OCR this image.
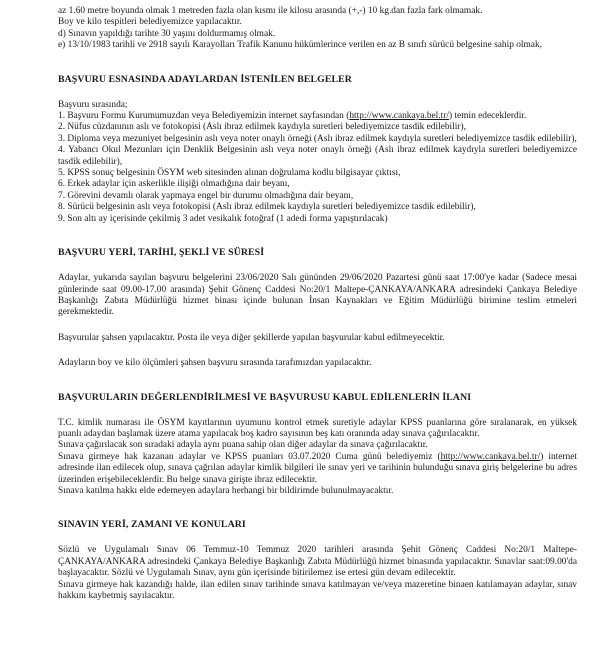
az 1.60 metre boyunda olmak 1 metreden fazla olan kısmı ile kilosu arasında (+,-) 10 kg.dan fazla fark olmamak.

Boy ve kilo tespitleri belediyemizce yapılacaktır.

d) Sınavın yapıldığı tarihte 30 yaşını doldurmamış olmak.

e) 13/10/1983 tarihli ve 2918 sayılı Karayolları Trafik Kanunu hükümlerince verilen en az B sınıfı sürücü belgesine sahip olmak,

BAŞVURU ESNASINDA ADAYLARDAN İSTENİLEN BELGELER

Başvuru sırasında;

1. Başvuru Formu Kurumumuzdan veya Belediyemizin internet sayfasından (http://www.cankaya.bel.tr/) temin edeceklerdir.
2. Nüfus cüzdanının aslı ve fotokopisi (Aslı ibraz edilmek kaydıyla suretleri belediyemizce tasdik edilebilir),
3. Diploma veya mezuniyet belgesinin aslı veya noter onaylı örneği (Aslı ibraz edilmek kaydıyla suretleri belediyemizce tasdik edilebilir),
4. Yabancı Okul Mezunları için Denklik Belgesinin aslı veya noter onaylı örneği (Aslı ibraz edilmek kaydıyla suretleri belediyemizce tasdik edilebilir),
5. KPSS sonuç belgesinin ÖSYM web sitesinden alınan doğrulama kodlu bilgisayar çıktısı,
6. Erkek adaylar için askerlikle ilişiği olmadığına dair beyanı,
7. Görevini devamlı olarak yapmaya engel bir durumu olmadığına dair beyanı,
8. Sürücü belgesinin aslı veya fotokopisi (Aslı ibraz edilmek kaydıyla suretleri belediyemizce tasdik edilebilir),
9. Son altı ay içerisinde çekilmiş 3 adet vesikalık fotoğraf (1 adedi forma yapıştırılacak)
BAŞVURU YERİ, TARİHİ, ŞEKLİ VE SÜRESİ

Adaylar, yukarıda sayılan başvuru belgelerini 23/06/2020 Salı gününden 29/06/2020 Pazartesi günü saat 17:00'ye kadar (Sadece mesai günlerinde saat 09.00-17.00 arasında) Şehit Gönenç Caddesi No:20/1 Maltepe-ÇANKAYA/ANKARA adresindeki Çankaya Belediye Başkanlığı Zabıta Müdürlüğü hizmet binası içinde bulunan İnsan Kaynakları ve Eğitim Müdürlüğü birimine teslim etmeleri gerekmektedir.

Başvurular şahsen yapılacaktır. Posta ile veya diğer şekillerde yapılan başvurular kabul edilmeyecektir.

Adayların boy ve kilo ölçümleri şahsen başvuru sırasında tarafımızdan yapılacaktır.

BAŞVURULARIN DEĞERLENDİRİLMESİ VE BAŞVURUSU KABUL EDİLENLERİN İLANI

T.C. kimlik numarası ile ÖSYM kayıtlarının uyumunu kontrol etmek suretiyle adaylar KPSS puanlarına göre sıralanarak, en yüksek puanlı adaydan başlamak üzere atama yapılacak boş kadro sayısının beş katı oranında aday sınava çağırılacaktır.

Sınava çağırılacak son sıradaki adayla aynı puana sahip olan diğer adaylar da sınava çağırılacaktır.

Sınava girmeye hak kazanan adaylar ve KPSS puanları 03.07.2020 Cuma günü belediyemiz (http://www.cankaya.bel.tr/) internet adresinde ilan edilecek olup, sınava çağrılan adaylar kimlik bilgileri ile sınav yeri ve tarihinin bulunduğu sınava giriş belgelerine bu adres üzerinden erişebileceklerdir. Bu belge sınava girişte ibraz edilecektir.

Sınava katılma hakkı elde edemeyen adaylara herhangi bir bildirimde bulunulmayacaktır.

SINAVIN YERİ, ZAMANI VE KONULARI

Sözlü ve Uygulamalı Sınav 06 Temmuz-10 Temmuz 2020 tarihleri arasında Şehit Gönenç Caddesi No:20/1 Maltepe-ÇANKAYA/ANKARA adresindeki Çankaya Belediye Başkanlığı Zabıta Müdürlüğü hizmet binasında yapılacaktır. Sınavlar saat:09.00'da başlayacaktır. Sözlü ve Uygulamalı Sınav, aynı gün içerisinde bitirilemez ise ertesi gün devam edilecektir.

Sınava girmeye hak kazandığı halde, ilan edilen sınav tarihinde sınava katılmayan ve/veya mazeretine binaen katılamayan adaylar, sınav hakkını kaybetmiş sayılacaktır.
